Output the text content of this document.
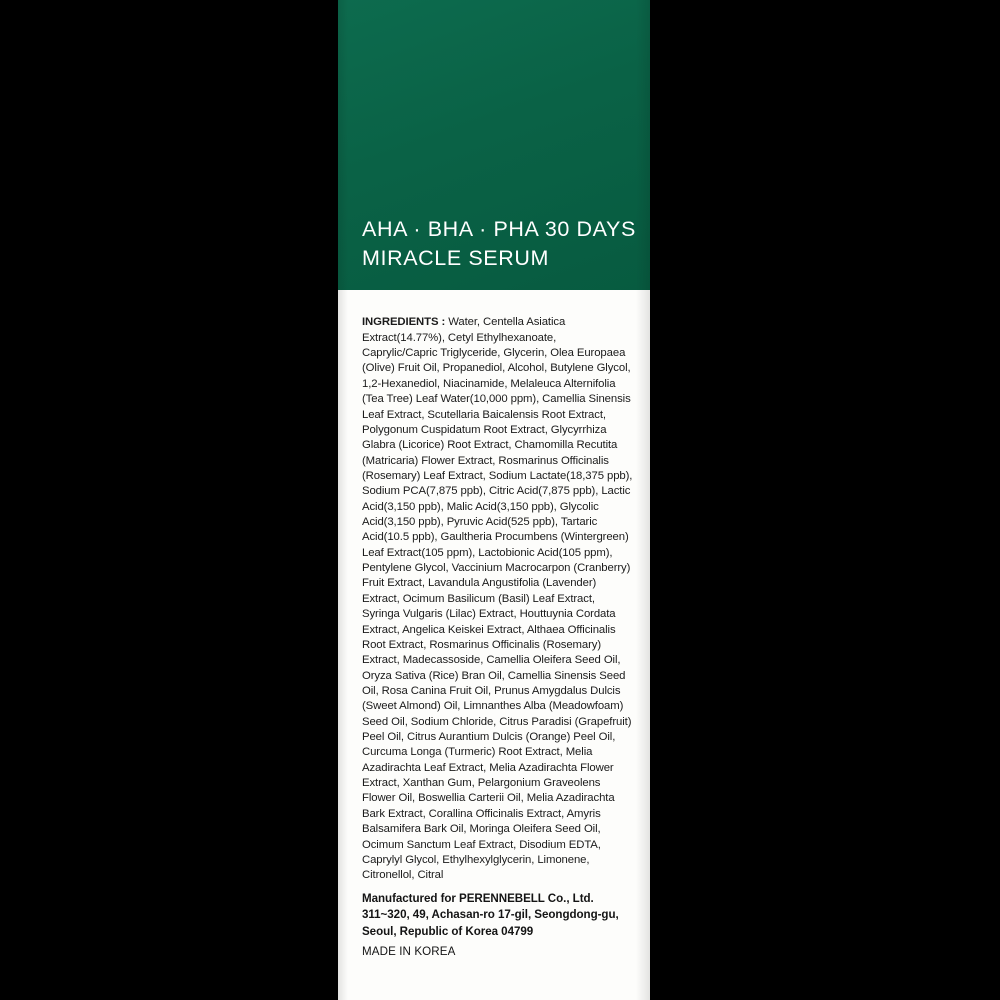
AHA · BHA · PHA 30 DAYS
MIRACLE SERUM

INGREDIENTS : Water, Centella Asiatica Extract(14.77%), Cetyl Ethylhexanoate, Caprylic/Capric Triglyceride, Glycerin, Olea Europaea (Olive) Fruit Oil, Propanediol, Alcohol, Butylene Glycol, 1,2-Hexanediol, Niacinamide, Melaleuca Alternifolia (Tea Tree) Leaf Water(10,000 ppm), Camellia Sinensis Leaf Extract, Scutellaria Baicalensis Root Extract, Polygonum Cuspidatum Root Extract, Glycyrrhiza Glabra (Licorice) Root Extract, Chamomilla Recutita (Matricaria) Flower Extract, Rosmarinus Officinalis (Rosemary) Leaf Extract, Sodium Lactate(18,375 ppb), Sodium PCA(7,875 ppb), Citric Acid(7,875 ppb), Lactic Acid(3,150 ppb), Malic Acid(3,150 ppb), Glycolic Acid(3,150 ppb), Pyruvic Acid(525 ppb), Tartaric Acid(10.5 ppb), Gaultheria Procumbens (Wintergreen) Leaf Extract(105 ppm), Lactobionic Acid(105 ppm), Pentylene Glycol, Vaccinium Macrocarpon (Cranberry) Fruit Extract, Lavandula Angustifolia (Lavender) Extract, Ocimum Basilicum (Basil) Leaf Extract, Syringa Vulgaris (Lilac) Extract, Houttuynia Cordata Extract, Angelica Keiskei Extract, Althaea Officinalis Root Extract, Rosmarinus Officinalis (Rosemary) Extract, Madecassoside, Camellia Oleifera Seed Oil, Oryza Sativa (Rice) Bran Oil, Camellia Sinensis Seed Oil, Rosa Canina Fruit Oil, Prunus Amygdalus Dulcis (Sweet Almond) Oil, Limnanthes Alba (Meadowfoam) Seed Oil, Sodium Chloride, Citrus Paradisi (Grapefruit) Peel Oil, Citrus Aurantium Dulcis (Orange) Peel Oil, Curcuma Longa (Turmeric) Root Extract, Melia Azadirachta Leaf Extract, Melia Azadirachta Flower Extract, Xanthan Gum, Pelargonium Graveolens Flower Oil, Boswellia Carterii Oil, Melia Azadirachta Bark Extract, Corallina Officinalis Extract, Amyris Balsamifera Bark Oil, Moringa Oleifera Seed Oil, Ocimum Sanctum Leaf Extract, Disodium EDTA, Caprylyl Glycol, Ethylhexylglycerin, Limonene, Citronellol, Citral

Manufactured for PERENNEBELL Co., Ltd.
311~320, 49, Achasan-ro 17-gil, Seongdong-gu,
Seoul, Republic of Korea 04799
MADE IN KOREA
